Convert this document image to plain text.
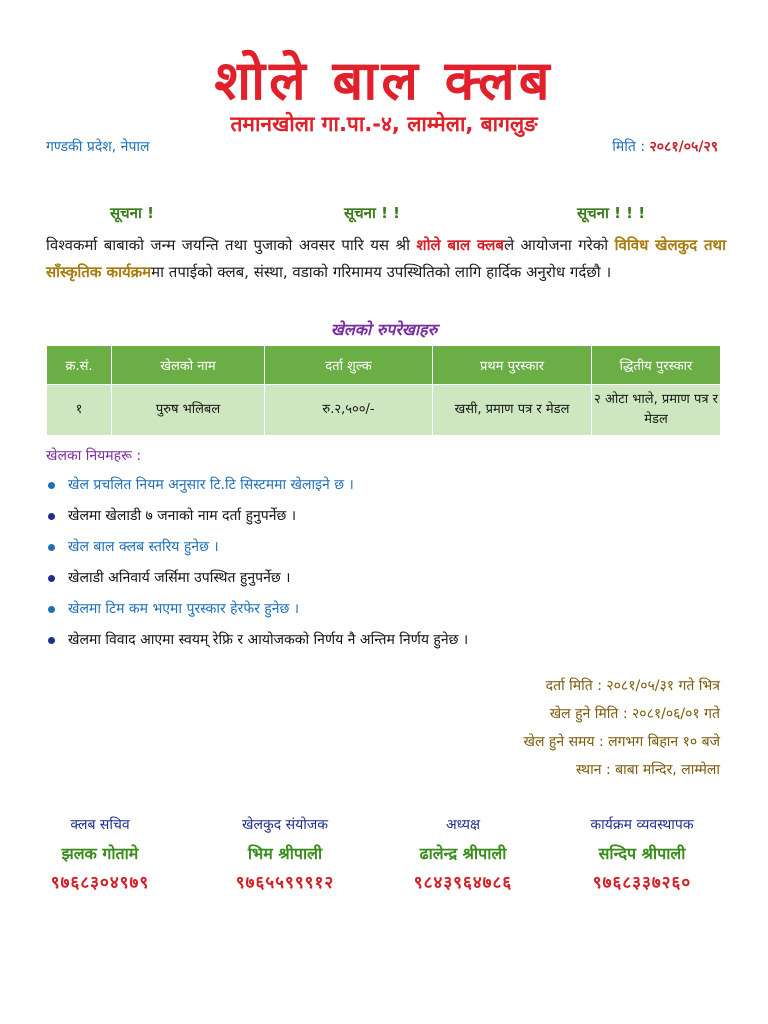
शोले बाल क्लब
तमानखोला गा.पा.-४, लाम्मेला, बागलुङ
गण्डकी प्रदेश, नेपाल	मिति : २०८१/०५/२९
सूचना !	सूचना ! !	सूचना ! ! !
विश्वकर्मा बाबाको जन्म जयन्ति तथा पुजाको अवसर पारि यस श्री शोले बाल क्लबले आयोजना गरेको विविध खेलकुद तथा साँस्कृतिक कार्यक्रममा तपाईको क्लब, संस्था, वडाको गरिमामय उपस्थितिको लागि हार्दिक अनुरोध गर्दछौ ।
खेलको रुपरेखाहरु
क्र.सं.	खेलको नाम	दर्ता शुल्क	प्रथम पुरस्कार	द्धितीय पुरस्कार
१	पुरुष भलिबल	रु.२,५००/-	खसी, प्रमाण पत्र र मेडल	२ ओटा भाले, प्रमाण पत्र र मेडल
खेलका नियमहरू :
खेल प्रचलित नियम अनुसार टि.टि सिस्टममा खेलाइने छ ।
खेलमा खेलाडी ७ जनाको नाम दर्ता हुनुपर्नेछ ।
खेल बाल क्लब स्तरिय हुनेछ ।
खेलाडी अनिवार्य जर्सिमा उपस्थित हुनुपर्नेछ ।
खेलमा टिम कम भएमा पुरस्कार हेरफेर हुनेछ ।
खेलमा विवाद आएमा स्वयम् रेफ्रि र आयोजकको निर्णय नै अन्तिम निर्णय हुनेछ ।
दर्ता मिति : २०८१/०५/३१ गते भित्र
खेल हुने मिति : २०८१/०६/०१ गते
खेल हुने समय : लगभग बिहान १० बजे
स्थान : बाबा मन्दिर, लाम्मेला
क्लब सचिव
झलक गोतामे
९७६८३०४९७९
खेलकुद संयोजक
भिम श्रीपाली
९७६५५९९९१२
अध्यक्ष
ढालेन्द्र श्रीपाली
९८४३९६४७८६
कार्यक्रम व्यवस्थापक
सन्दिप श्रीपाली
९७६८३३७२६०
